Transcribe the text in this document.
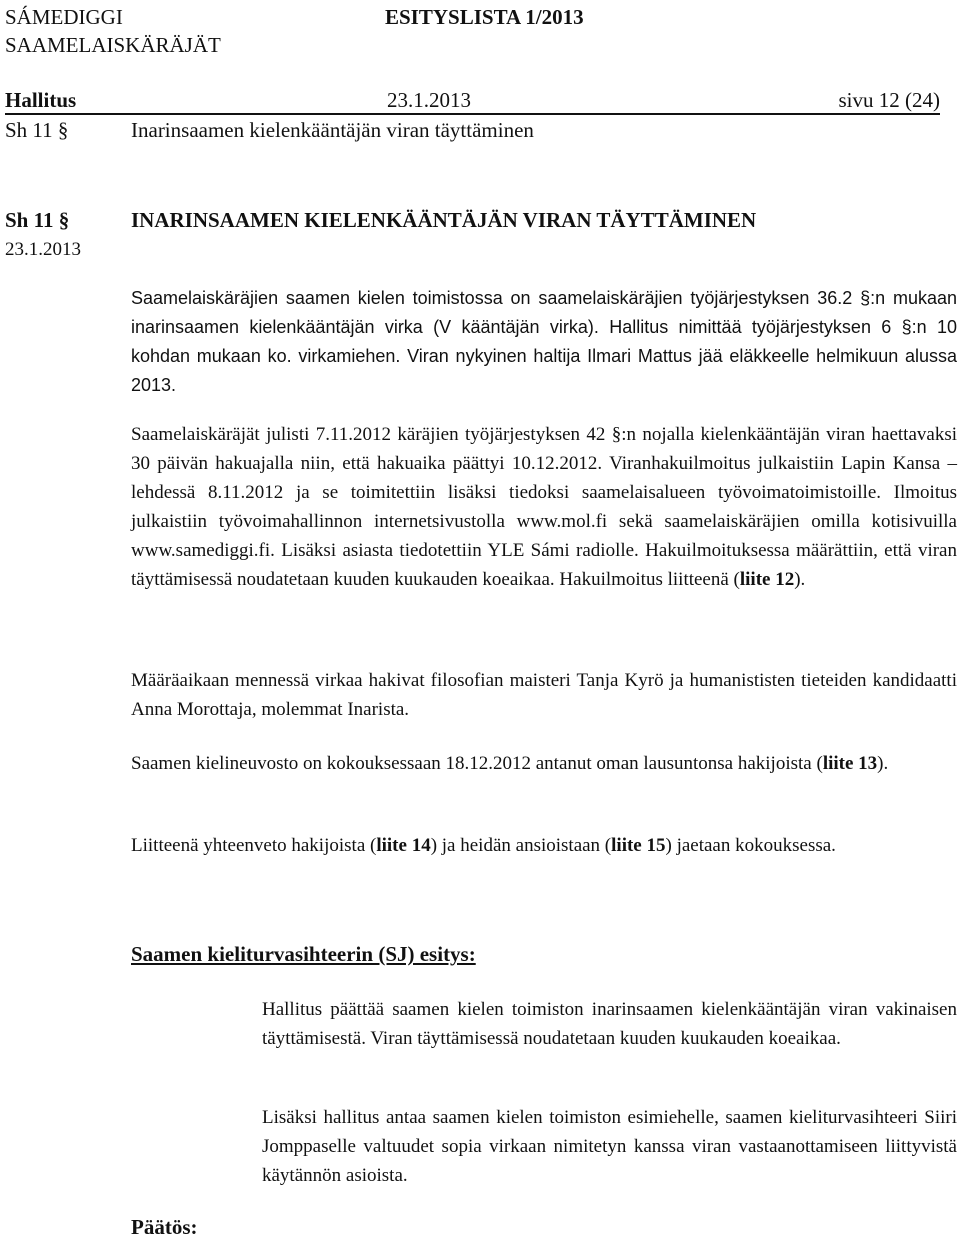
SÁMEDIGGI
SAAMELAISKÄRÄJÄT
ESITYSLISTA 1/2013
Hallitus	23.1.2013	sivu 12 (24)
Sh 11 §	Inarinsaamen kielenkääntäjän viran täyttäminen
Sh 11 §
23.1.2013
INARINSAAMEN KIELENKÄÄNTÄJÄN VIRAN TÄYTTÄMINEN

Saamelaiskäräjien saamen kielen toimistossa on saamelaiskäräjien työjärjestyksen 36.2 §:n mukaan inarinsaamen kielenkääntäjän virka (V kääntäjän virka). Hallitus nimittää työjärjestyksen 6 §:n 10 kohdan mukaan ko. virkamiehen. Viran nykyinen haltija Ilmari Mattus jää eläkkeelle helmikuun alussa 2013.

Saamelaiskäräjät julisti 7.11.2012 käräjien työjärjestyksen 42 §:n nojalla kielenkääntäjän viran haettavaksi 30 päivän hakuajalla niin, että hakuaika päättyi 10.12.2012. Viranhakuilmoitus julkaistiin Lapin Kansa –lehdessä 8.11.2012 ja se toimitettiin lisäksi tiedoksi saamelaisalueen työvoimatoimistoille. Ilmoitus julkaistiin työvoimahallinnon internetsivustolla www.mol.fi sekä saamelaiskäräjien omilla kotisivuilla www.samediggi.fi. Lisäksi asiasta tiedotettiin YLE Sámi radiolle. Hakuilmoituksessa määrättiin, että viran täyttämisessä noudatetaan kuuden kuukauden koeaikaa. Hakuilmoitus liitteenä (liite 12).

Määräaikaan mennessä virkaa hakivat filosofian maisteri Tanja Kyrö ja humanististen tieteiden kandidaatti Anna Morottaja, molemmat Inarista.

Saamen kielineuvosto on kokouksessaan 18.12.2012 antanut oman lausuntonsa hakijoista (liite 13).

Liitteenä yhteenveto hakijoista (liite 14) ja heidän ansioistaan (liite 15) jaetaan kokouksessa.

Saamen kieliturvasihteerin (SJ) esitys:

Hallitus päättää saamen kielen toimiston inarinsaamen kielenkääntäjän viran vakinaisen täyttämisestä. Viran täyttämisessä noudatetaan kuuden kuukauden koeaikaa.

Lisäksi hallitus antaa saamen kielen toimiston esimiehelle, saamen kieliturvasihteeri Siiri Jomppaselle valtuudet sopia virkaan nimitetyn kanssa viran vastaanottamiseen liittyvistä käytännön asioista.

Päätös:
